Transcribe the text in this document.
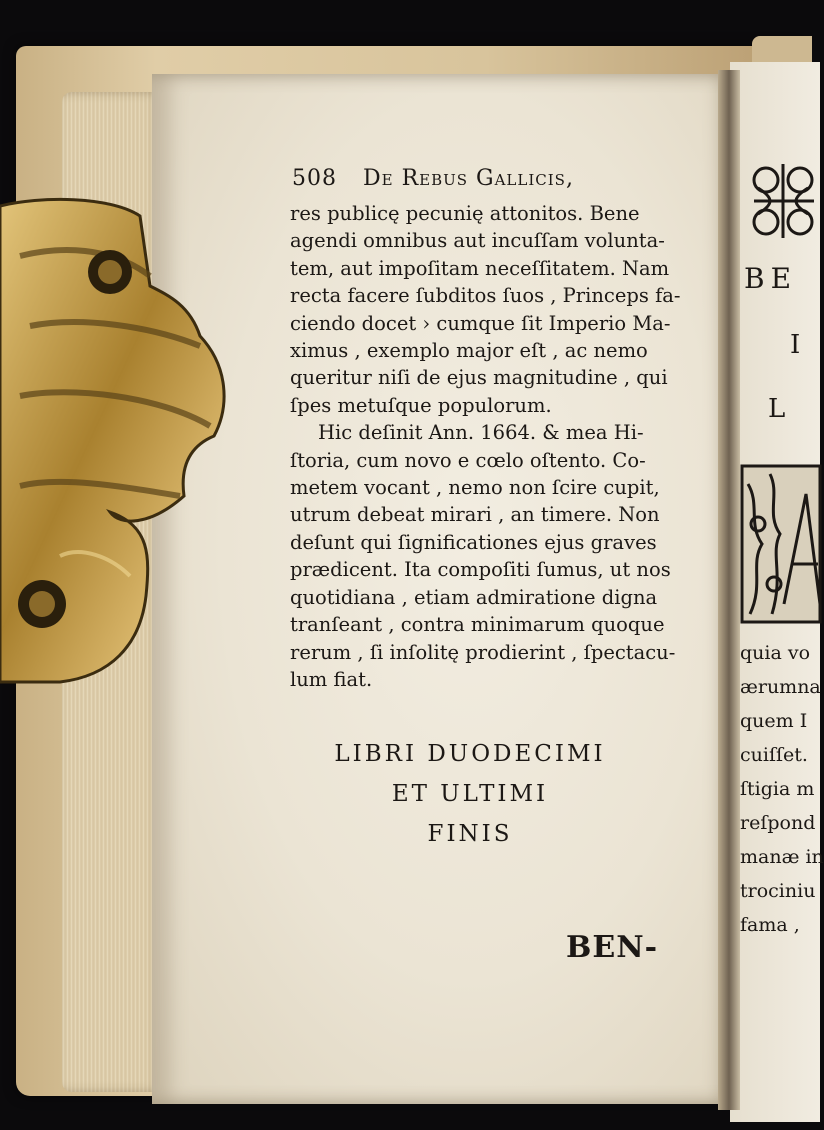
508 De Rebus Gallicis,
res publicę pecunię attonitos. Bene
agendi omnibus aut incuſſam volunta-
tem, aut impoſitam neceſſitatem. Nam
recta facere ſubditos ſuos , Princeps fa-
ciendo docet › cumque ſit Imperio Ma-
ximus , exemplo major eſt , ac nemo
queritur niſi de ejus magnitudine , qui
ſpes metuſque populorum.
Hic deſinit Ann. 1664. & mea Hi-
ſtoria, cum novo e cœlo oſtento. Co-
metem vocant , nemo non ſcire cupit,
utrum debeat mirari , an timere. Non
deſunt qui ſignificationes ejus graves
prædicent. Ita compoſiti ſumus, ut nos
quotidiana , etiam admiratione digna
tranſeant , contra minimarum quoque
rerum , ſi inſolitę prodierint , ſpectacu-
lum fiat.
LIBRI DUODECIMI
ET ULTIMI
FINIS
BEN-
BE
I
L
quia vo
ærumna
quem I
cuiſſet.
ſtigia m
reſpond
manæ in
trociniu
fama ,
